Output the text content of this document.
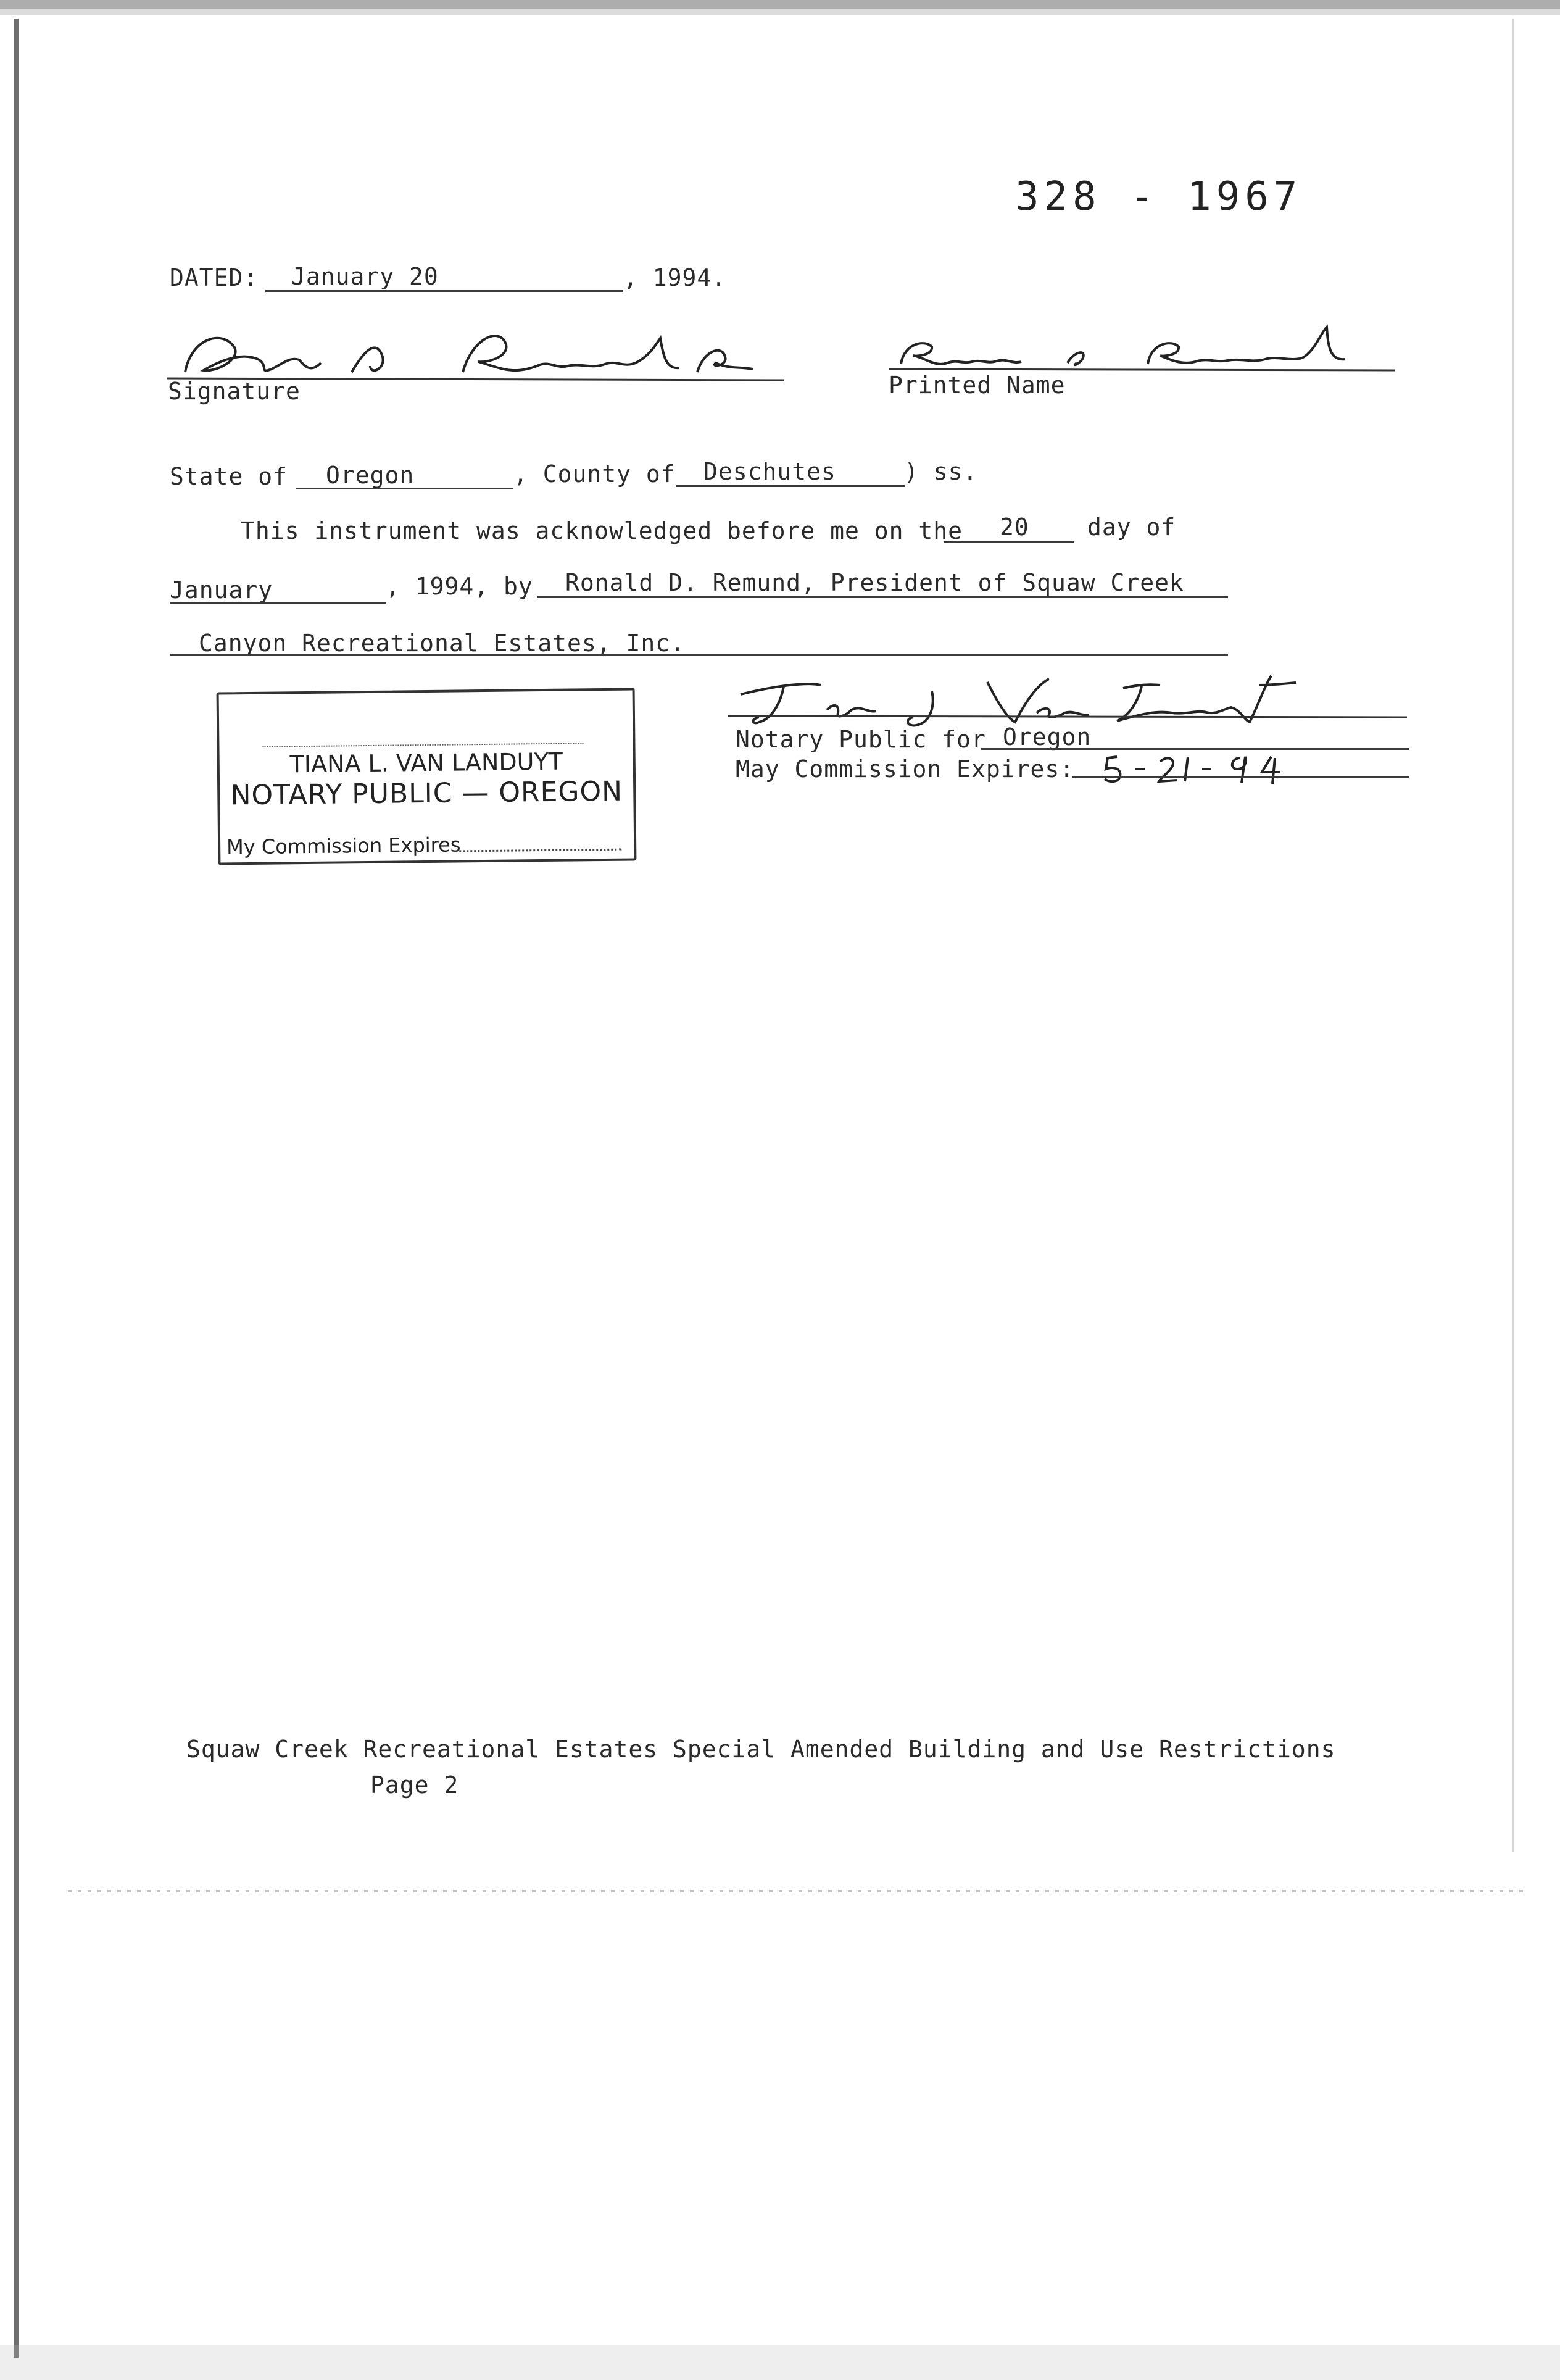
328 - 1967
DATED: January 20	, 1994.
Signature	Printed Name
State of Oregon	, County of Deschutes	) ss.
This instrument was acknowledged before me on the 20 day of
January	, 1994, by Ronald D. Remund, President of Squaw Creek
Canyon Recreational Estates, Inc.
TIANA L. VAN LANDUYT
NOTARY PUBLIC — OREGON
My Commission Expires
Notary Public for Oregon
May Commission Expires:
Squaw Creek Recreational Estates Special Amended Building and Use Restrictions
Page 2
